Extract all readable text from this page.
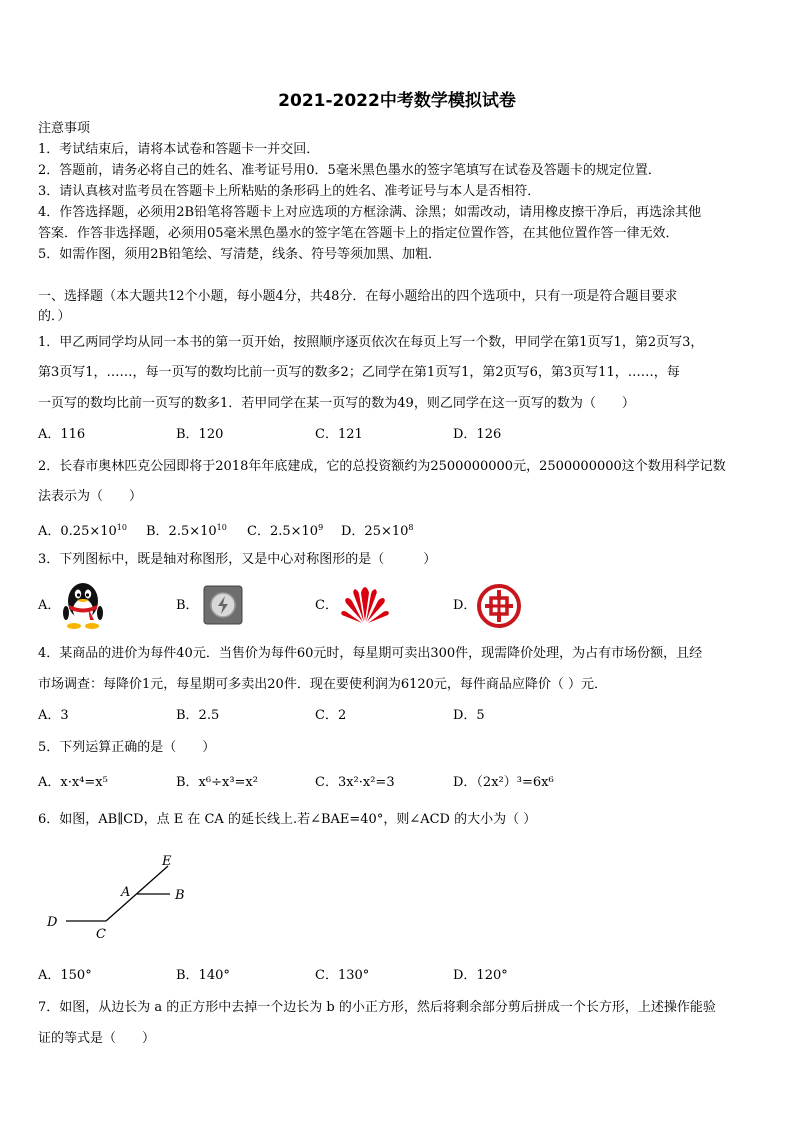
2021-2022中考数学模拟试卷
注意事项
1．考试结束后，请将本试卷和答题卡一并交回．
2．答题前，请务必将自己的姓名、准考证号用0．5毫米黑色墨水的签字笔填写在试卷及答题卡的规定位置．
3．请认真核对监考员在答题卡上所粘贴的条形码上的姓名、准考证号与本人是否相符．
4．作答选择题，必须用2B铅笔将答题卡上对应选项的方框涂满、涂黑；如需改动，请用橡皮擦干净后，再选涂其他
答案．作答非选择题，必须用05毫米黑色墨水的签字笔在答题卡上的指定位置作答，在其他位置作答一律无效．
5．如需作图，须用2B铅笔绘、写清楚，线条、符号等须加黑、加粗．
一、选择题（本大题共12个小题，每小题4分，共48分．在每小题给出的四个选项中，只有一项是符合题目要求
的．）
1．甲乙两同学均从同一本书的第一页开始，按照顺序逐页依次在每页上写一个数，甲同学在第1页写1，第2页写3，
第3页写1，……，每一页写的数均比前一页写的数多2；乙同学在第1页写1，第2页写6，第3页写11，……，每
一页写的数均比前一页写的数多1．若甲同学在某一页写的数为49，则乙同学在这一页写的数为（　　）
A．116	B．120	C．121	D．126
2．长春市奥林匹克公园即将于2018年年底建成，它的总投资额约为2500000000元，2500000000这个数用科学记数
法表示为（　　）
A．$0.25\times 10^{10}$ B．$2.5\times 10^{10}$ C．$2.5\times 10^9$ D．$25\times 10^8$
3．下列图标中，既是轴对称图形，又是中心对称图形的是（　　　）
A．	B．	C．	D．
4．某商品的进价为每件40元．当售价为每件60元时，每星期可卖出300件，现需降价处理，为占有市场份额，且经
市场调查：每降价1元，每星期可多卖出20件．现在要使利润为6120元，每件商品应降价（ ）元．
A．3	B．2.5	C．2	D．5
5．下列运算正确的是（　　）
A．x·x⁴=x⁵	B．x⁶÷x³=x²	C．3x²·x²=3	D．（2x²）³=6x⁶
6．如图，AB∥CD，点 E 在 CA 的延长线上.若∠BAE=40°，则∠ACD 的大小为（ ）
E
A	B
D
C
A．150°	B．140°	C．130°	D．120°
7．如图，从边长为 a 的正方形中去掉一个边长为 b 的小正方形，然后将剩余部分剪后拼成一个长方形，上述操作能验
证的等式是（　　）
